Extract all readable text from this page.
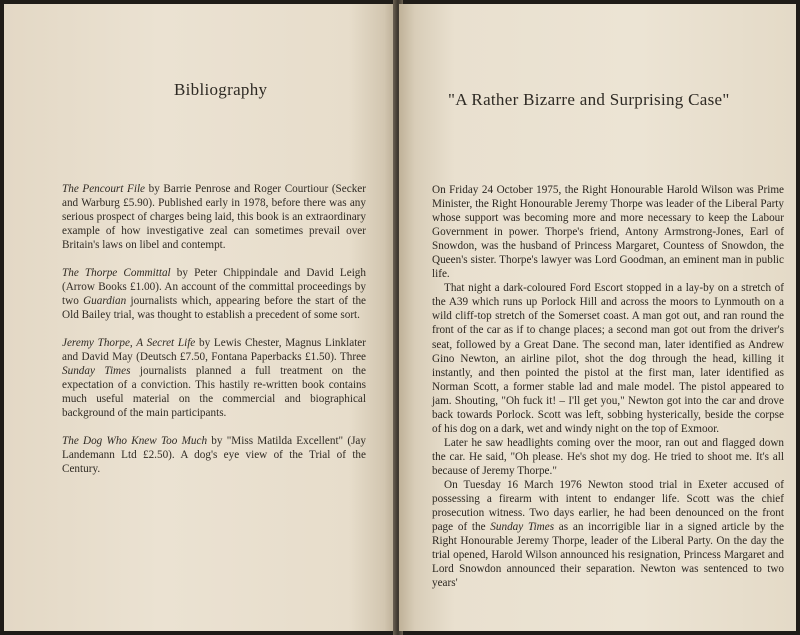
Bibliography

The Pencourt File by Barrie Penrose and Roger Courtiour (Secker and Warburg £5.90). Published early in 1978, before there was any serious prospect of charges being laid, this book is an extraordinary example of how investigative zeal can sometimes prevail over Britain's laws on libel and contempt.

The Thorpe Committal by Peter Chippindale and David Leigh (Arrow Books £1.00). An account of the committal proceedings by two Guardian journalists which, appearing before the start of the Old Bailey trial, was thought to establish a precedent of some sort.

Jeremy Thorpe, A Secret Life by Lewis Chester, Magnus Linklater and David May (Deutsch £7.50, Fontana Paperbacks £1.50). Three Sunday Times journalists planned a full treatment on the expectation of a conviction. This hastily re-written book contains much useful material on the commercial and biographical background of the main participants.

The Dog Who Knew Too Much by "Miss Matilda Excellent" (Jay Landemann Ltd £2.50). A dog's eye view of the Trial of the Century.

"A Rather Bizarre and Surprising Case"

On Friday 24 October 1975, the Right Honourable Harold Wilson was Prime Minister, the Right Honourable Jeremy Thorpe was leader of the Liberal Party whose support was becoming more and more necessary to keep the Labour Government in power. Thorpe's friend, Antony Armstrong-Jones, Earl of Snowdon, was the husband of Princess Margaret, Countess of Snowdon, the Queen's sister. Thorpe's lawyer was Lord Goodman, an eminent man in public life.

That night a dark-coloured Ford Escort stopped in a lay-by on a stretch of the A39 which runs up Porlock Hill and across the moors to Lynmouth on a wild cliff-top stretch of the Somerset coast. A man got out, and ran round the front of the car as if to change places; a second man got out from the driver's seat, followed by a Great Dane. The second man, later identified as Andrew Gino Newton, an airline pilot, shot the dog through the head, killing it instantly, and then pointed the pistol at the first man, later identified as Norman Scott, a former stable lad and male model. The pistol appeared to jam. Shouting, "Oh fuck it! – I'll get you," Newton got into the car and drove back towards Porlock. Scott was left, sobbing hysterically, beside the corpse of his dog on a dark, wet and windy night on the top of Exmoor.

Later he saw headlights coming over the moor, ran out and flagged down the car. He said, "Oh please. He's shot my dog. He tried to shoot me. It's all because of Jeremy Thorpe."

On Tuesday 16 March 1976 Newton stood trial in Exeter accused of possessing a firearm with intent to endanger life. Scott was the chief prosecution witness. Two days earlier, he had been denounced on the front page of the Sunday Times as an incorrigible liar in a signed article by the Right Honourable Jeremy Thorpe, leader of the Liberal Party. On the day the trial opened, Harold Wilson announced his resignation, Princess Margaret and Lord Snowdon announced their separation. Newton was sentenced to two years'
